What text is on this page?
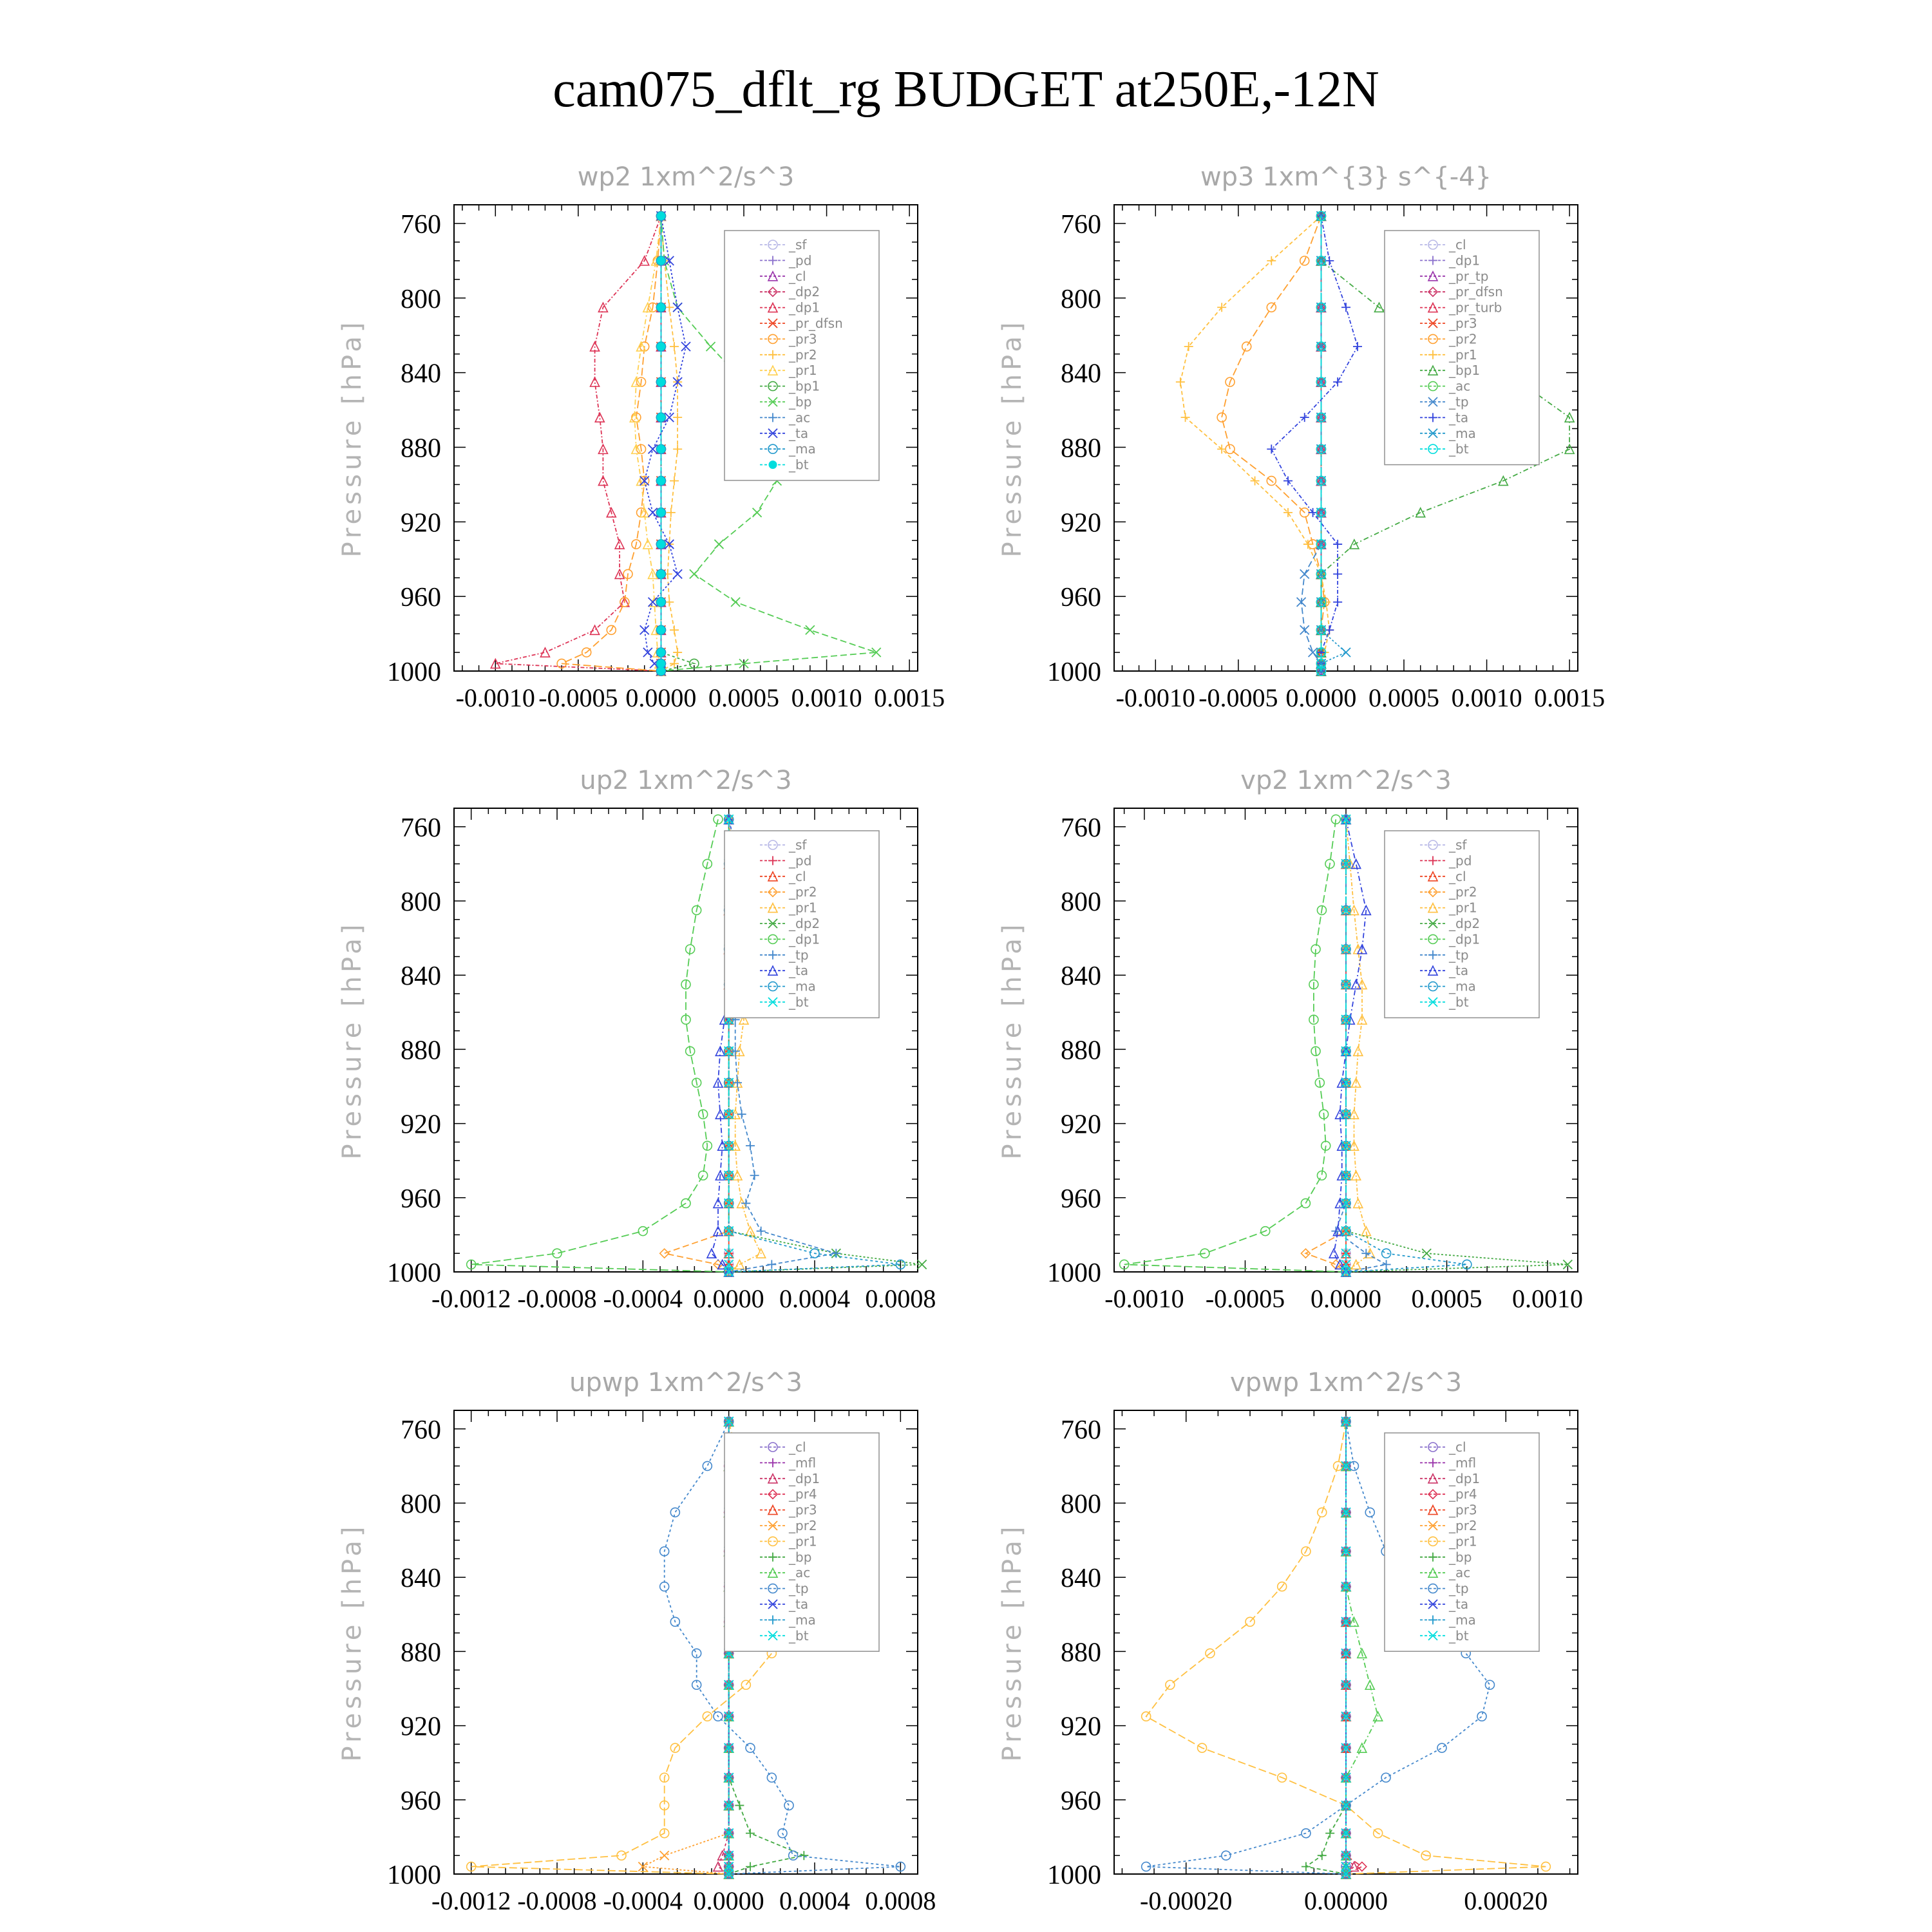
cam075_dflt_rg BUDGET at250E,-12N
wp2 1xm^2/s^3
Pressure [hPa]
760
800
840
880
920
960
1000
-0.0010 -0.0005 0.0000 0.0005 0.0010 0.0015
_sf
_pd
_cl
_dp2
_dp1
_pr_dfsn
_pr3
_pr2
_pr1
_bp1
_bp
_ac
_ta
_ma
_bt
wp3 1xm^{3} s^{-4}
Pressure [hPa]
760
800
840
880
920
960
1000
-0.0010 -0.0005 0.0000 0.0005 0.0010 0.0015
_cl
_dp1
_pr_tp
_pr_dfsn
_pr_turb
_pr3
_pr2
_pr1
_bp1
_ac
_tp
_ta
_ma
_bt
up2 1xm^2/s^3
Pressure [hPa]
760
800
840
880
920
960
1000
-0.0012 -0.0008 -0.0004 0.0000 0.0004 0.0008
_sf
_pd
_cl
_pr2
_pr1
_dp2
_dp1
_tp
_ta
_ma
_bt
vp2 1xm^2/s^3
Pressure [hPa]
760
800
840
880
920
960
1000
-0.0010 -0.0005 0.0000 0.0005 0.0010
_sf
_pd
_cl
_pr2
_pr1
_dp2
_dp1
_tp
_ta
_ma
_bt
upwp 1xm^2/s^3
Pressure [hPa]
760
800
840
880
920
960
1000
-0.0012 -0.0008 -0.0004 0.0000 0.0004 0.0008
_cl
_mfl
_dp1
_pr4
_pr3
_pr2
_pr1
_bp
_ac
_tp
_ta
_ma
_bt
vpwp 1xm^2/s^3
Pressure [hPa]
760
800
840
880
920
960
1000
-0.00020	0.00000	0.00020
_cl
_mfl
_dp1
_pr4
_pr3
_pr2
_pr1
_bp
_ac
_tp
_ta
_ma
_bt
